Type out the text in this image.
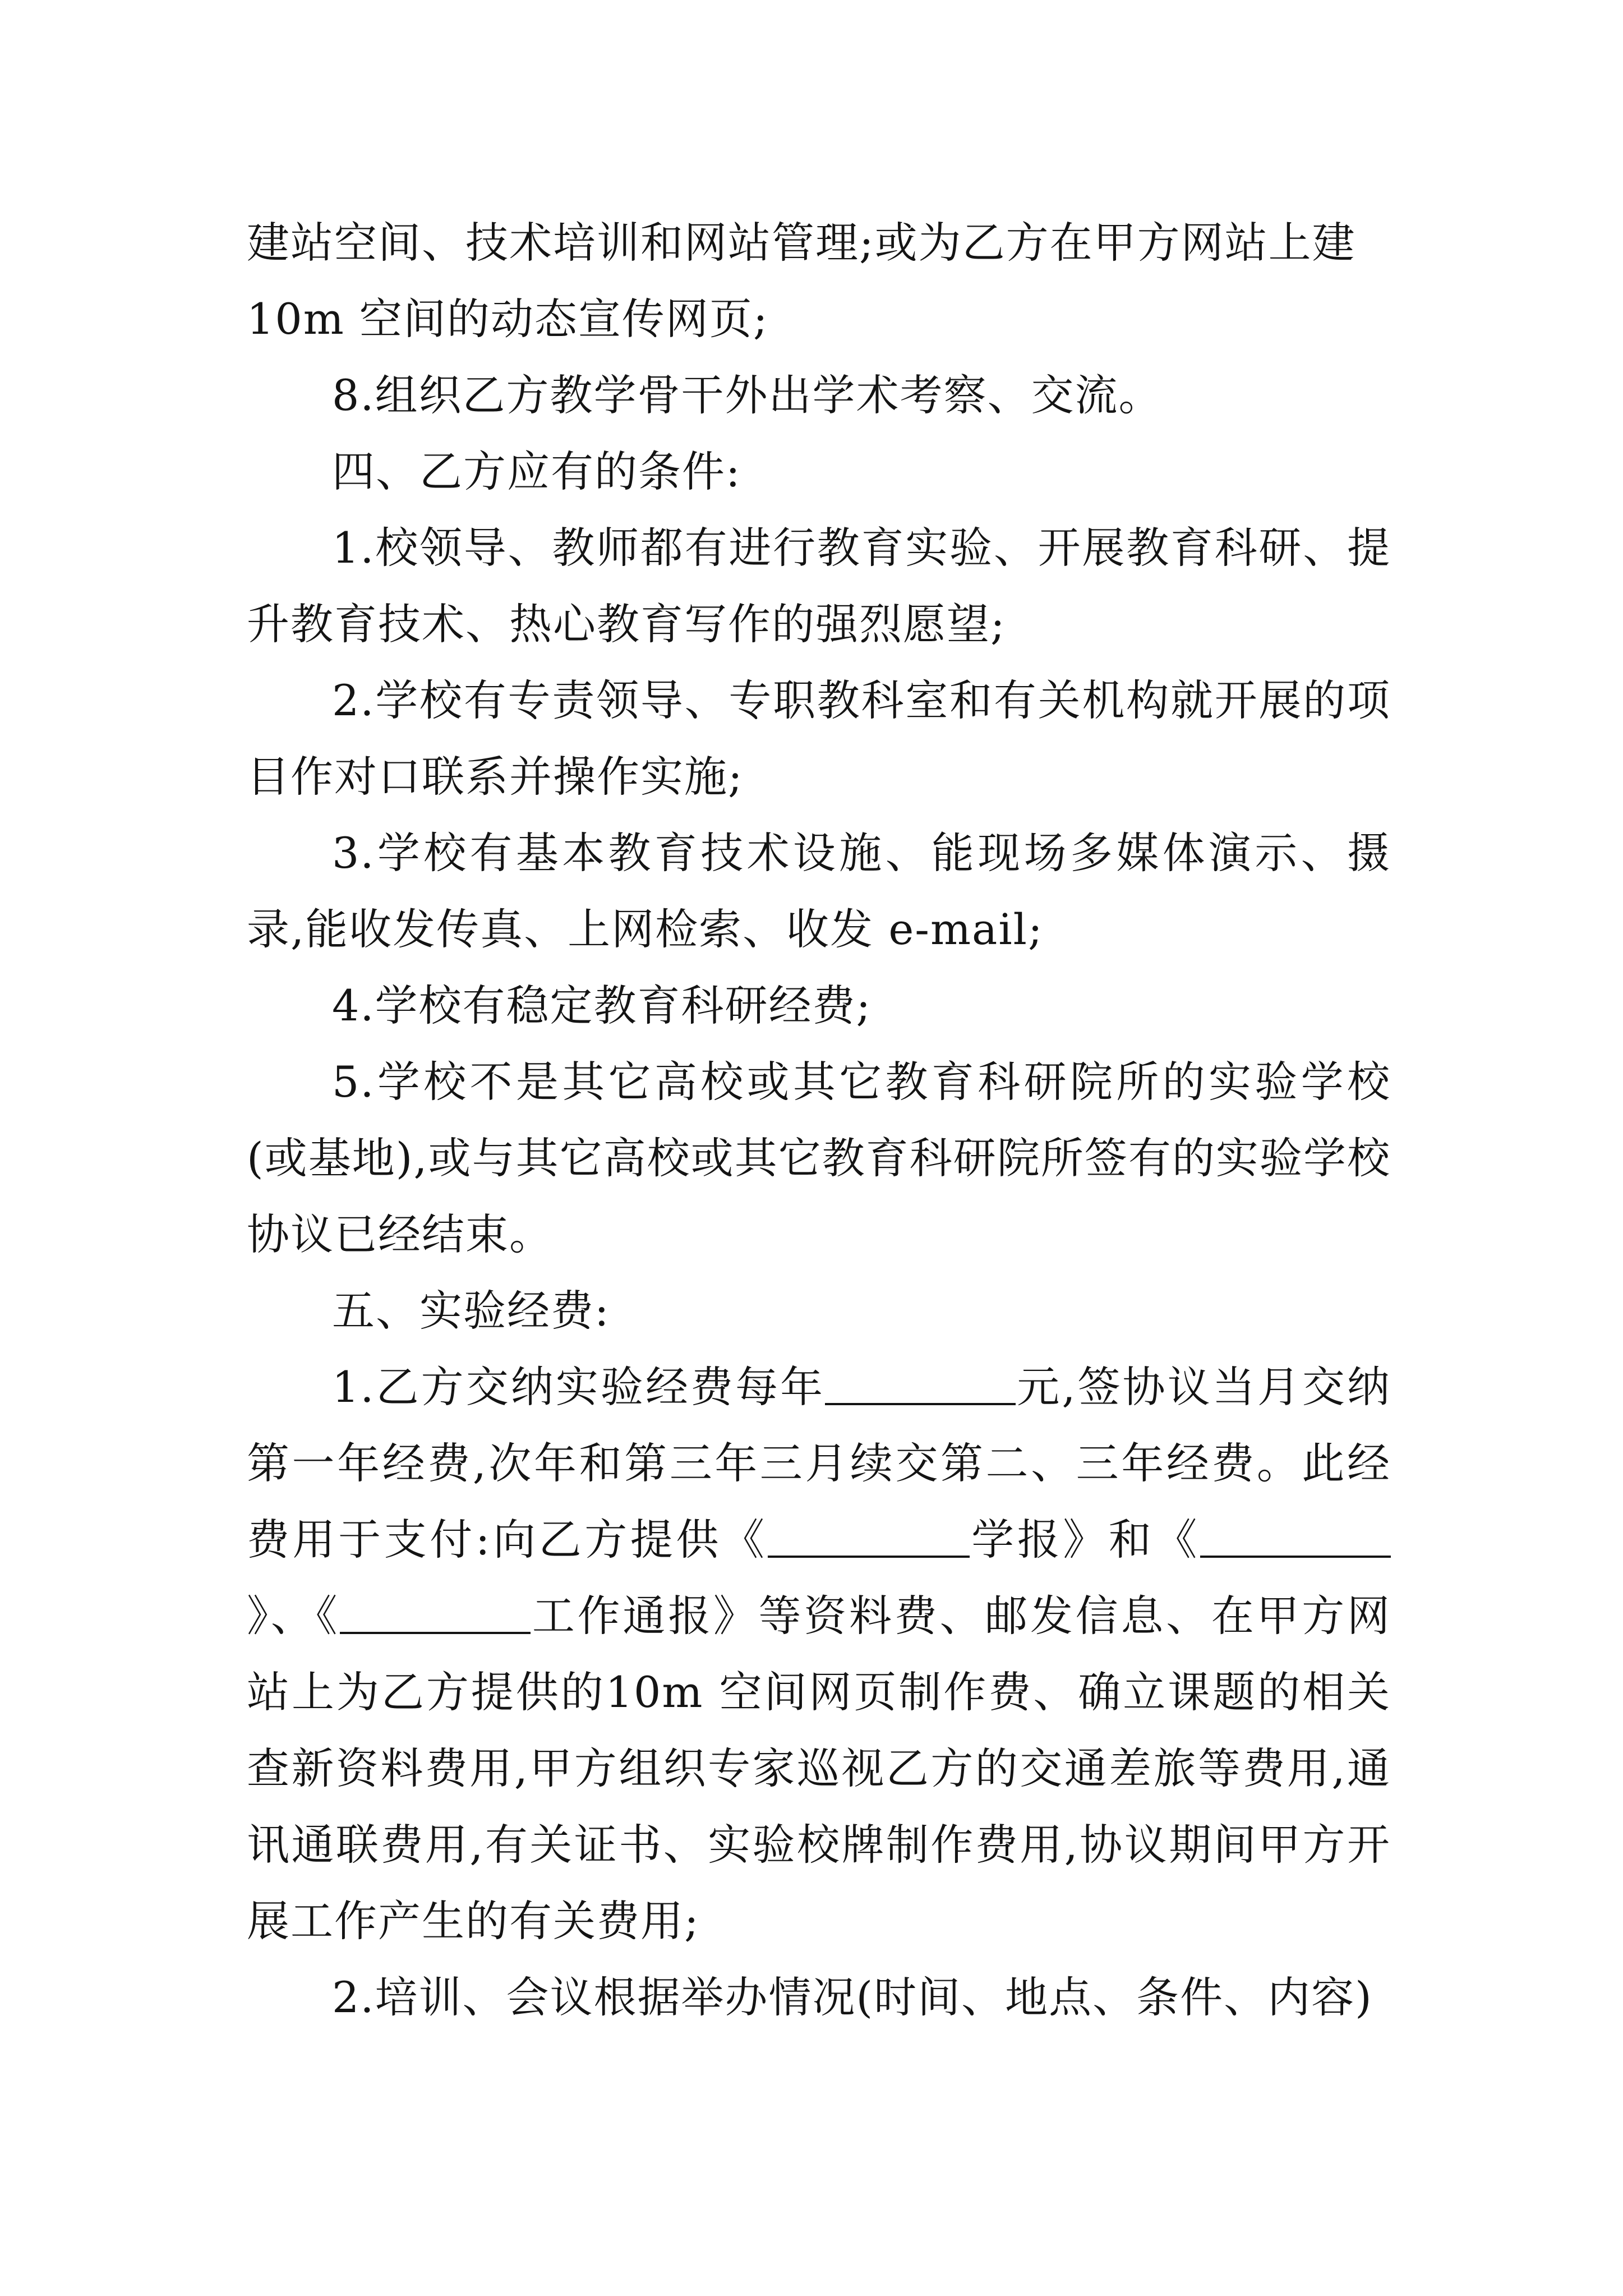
建站空间、技术培训和网站管理;或为乙方在甲方网站上建
10m 空间的动态宣传网页;

8.组织乙方教学骨干外出学术考察、交流。

四、乙方应有的条件:

1.校领导、教师都有进行教育实验、开展教育科研、提升教育技术、热心教育写作的强烈愿望;

2.学校有专责领导、专职教科室和有关机构就开展的项目作对口联系并操作实施;

3.学校有基本教育技术设施、能现场多媒体演示、摄录,能收发传真、上网检索、收发 e-mail;

4.学校有稳定教育科研经费;

5.学校不是其它高校或其它教育科研院所的实验学校(或基地),或与其它高校或其它教育科研院所签有的实验学校协议已经结束。

五、实验经费:

1.乙方交纳实验经费每年	元,签协议当月交纳第一年经费,次年和第三年三月续交第二、三年经费。此经费用于支付:向乙方提供《	学报》和《》、《	工作通报》等资料费、邮发信息、在甲方网站上为乙方提供的10m 空间网页制作费、确立课题的相关查新资料费用,甲方组织专家巡视乙方的交通差旅等费用,通讯通联费用,有关证书、实验校牌制作费用,协议期间甲方开展工作产生的有关费用;

2.培训、会议根据举办情况(时间、地点、条件、内容)
